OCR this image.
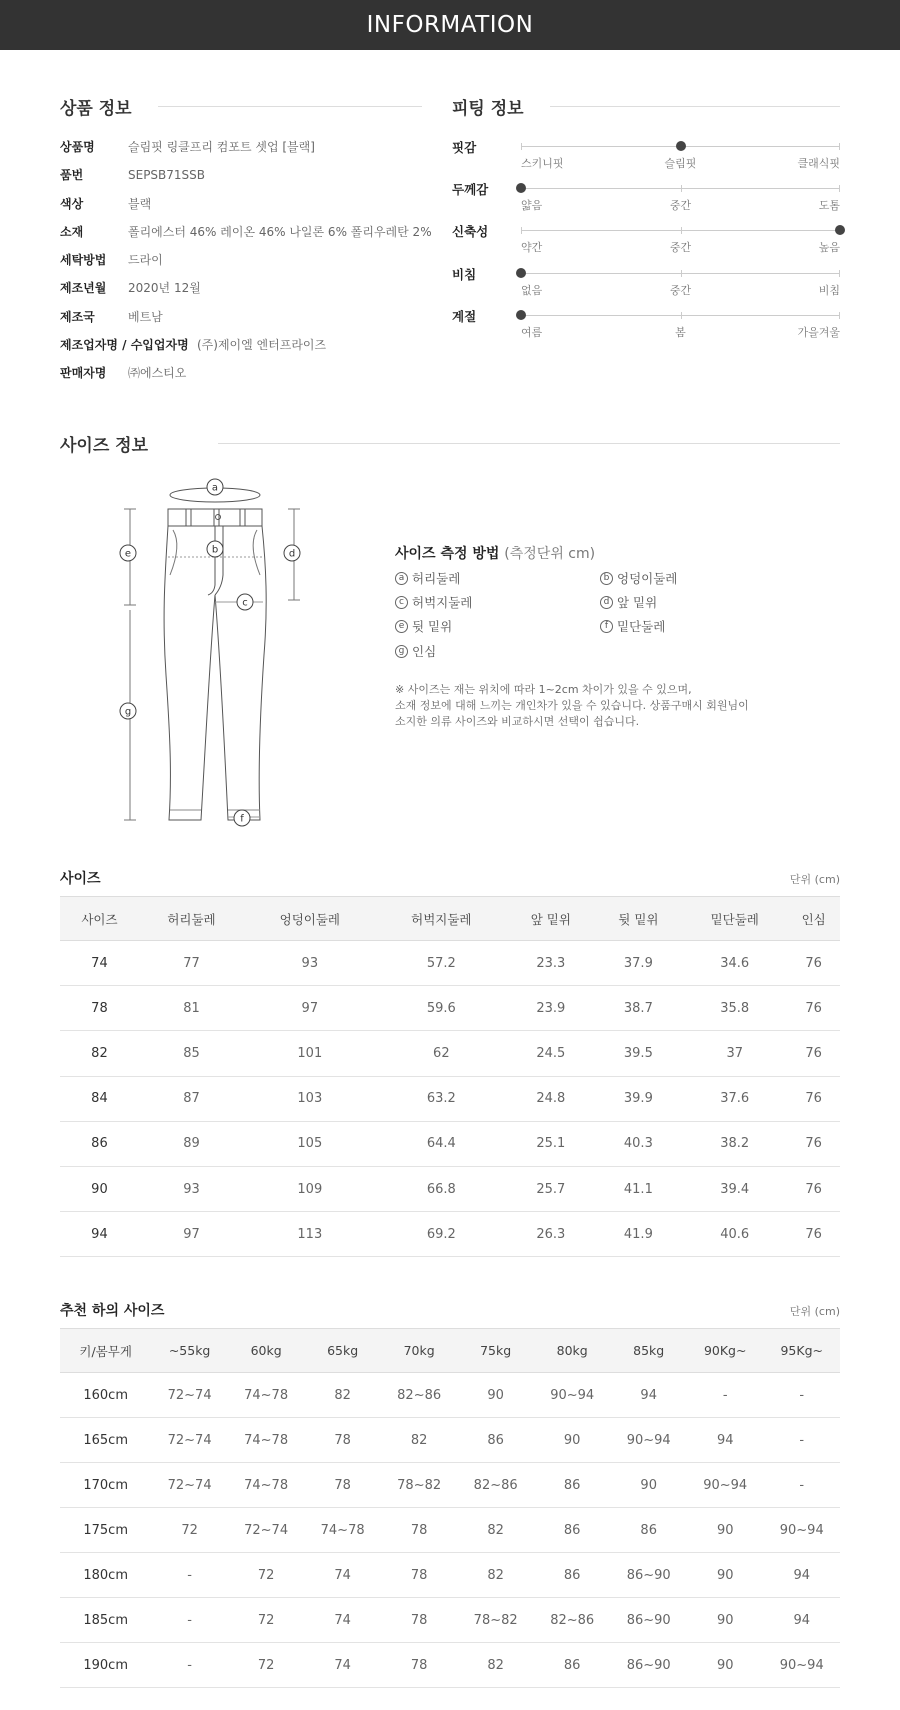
INFORMATION
상품 정보
상품명	슬림핏 링클프리 컴포트 셋업 [블랙]
품번	SEPSB71SSB
색상	블랙
소재	폴리에스터 46% 레이온 46% 나일론 6% 폴리우레탄 2%
세탁방법 드라이
제조년월 2020년 12월
제조국	베트남
제조업자명 / 수입업자명 (주)제이엘 엔터프라이즈
판매자명 ㈜에스티오
피팅 정보
핏감
스키니핏	슬림핏	클래식핏
두께감
얇음	중간	도톰
신축성
약간	중간	높음
비침
없음	중간	비침
계절
여름	봄	가을겨울
사이즈 정보
a
b
c
d
e
f
g
사이즈 측정 방법 (측정단위 cm)
a 허리둘레	b 엉덩이둘레
c 허벅지둘레	d 앞 밑위
e 뒷 밑위	f 밑단둘레
g 인심
※ 사이즈는 재는 위치에 따라 1~2cm 차이가 있을 수 있으며,
소재 정보에 대해 느끼는 개인차가 있을 수 있습니다. 상품구매시 회원님이
소지한 의류 사이즈와 비교하시면 선택이 쉽습니다.
사이즈	단위 (cm)
사이즈	허리둘레	엉덩이둘레	허벅지둘레	앞 밑위	뒷 밑위	밑단둘레	인심
74	77	93	57.2	23.3	37.9	34.6	76
78	81	97	59.6	23.9	38.7	35.8	76
82	85	101	62	24.5	39.5	37	76
84	87	103	63.2	24.8	39.9	37.6	76
86	89	105	64.4	25.1	40.3	38.2	76
90	93	109	66.8	25.7	41.1	39.4	76
94	97	113	69.2	26.3	41.9	40.6	76
추천 하의 사이즈	단위 (cm)
키/몸무게	~55kg	60kg	65kg	70kg	75kg	80kg	85kg	90Kg~	95Kg~
160cm	72~74	74~78	82	82~86	90	90~94	94	-	-
165cm	72~74	74~78	78	82	86	90	90~94	94	-
170cm	72~74	74~78	78	78~82	82~86	86	90	90~94	-
175cm	72	72~74	74~78	78	82	86	86	90	90~94
180cm	-	72	74	78	82	86	86~90	90	94
185cm	-	72	74	78	78~82	82~86	86~90	90	94
190cm	-	72	74	78	82	86	86~90	90	90~94
